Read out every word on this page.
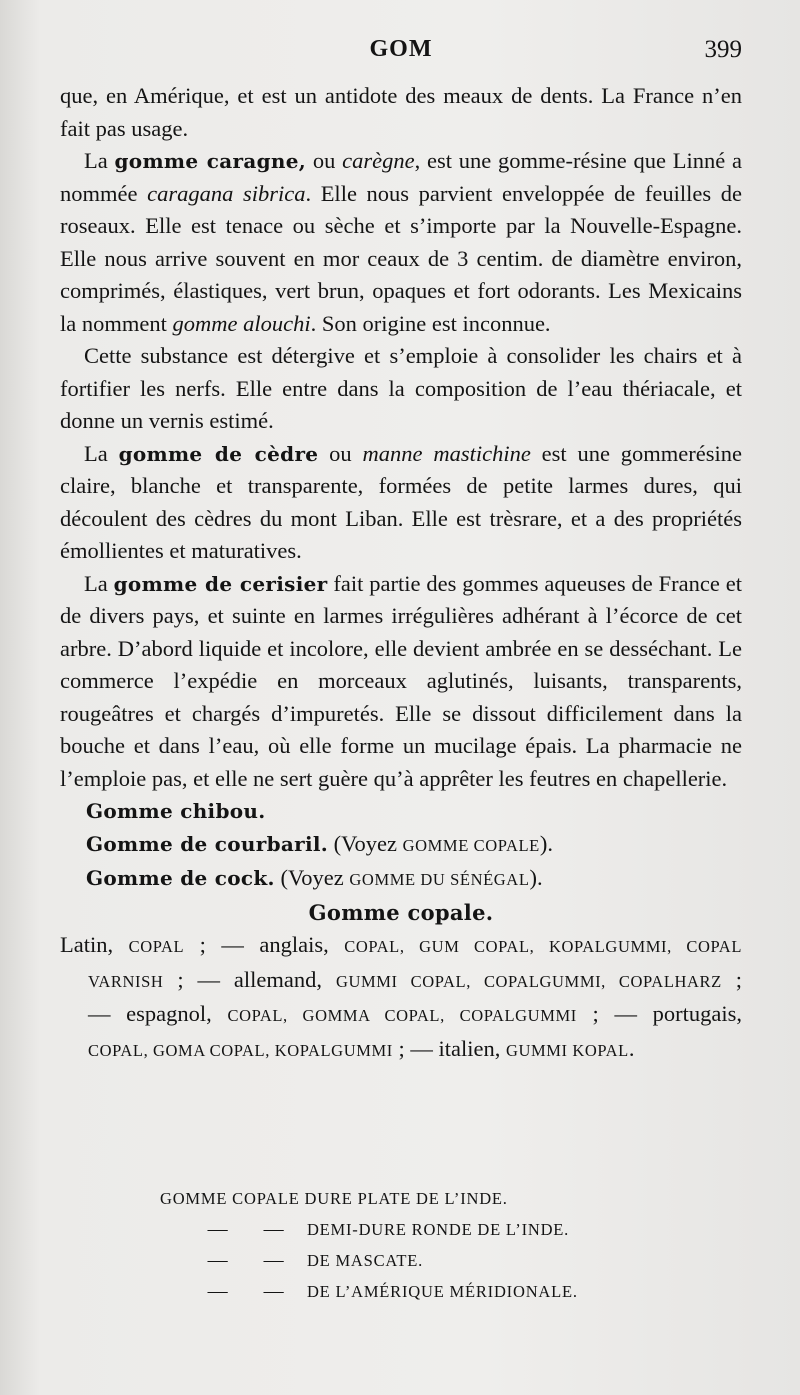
GOM	399

que, en Amérique, et est un antidote des meaux de dents. La France n’en fait pas usage.

La gomme caragne, ou carègne, est une gomme-résine que Linné a nommée caragana sibrica. Elle nous parvient enveloppée de feuilles de roseaux. Elle est tenace ou sèche et s’importe par la Nouvelle-Espagne. Elle nous arrive souvent en mor ceaux de 3 centim. de diamètre environ, comprimés, élastiques, vert brun, opaques et fort odorants. Les Mexicains la nomment gomme alouchi. Son origine est inconnue.

Cette substance est détergive et s’emploie à consolider les chairs et à fortifier les nerfs. Elle entre dans la composition de l’eau thériacale, et donne un vernis estimé.

La gomme de cèdre ou manne mastichine est une gommerésine claire, blanche et transparente, formées de petite larmes dures, qui découlent des cèdres du mont Liban. Elle est trèsrare, et a des propriétés émollientes et maturatives.

La gomme de cerisier fait partie des gommes aqueuses de France et de divers pays, et suinte en larmes irrégulières adhérant à l’écorce de cet arbre. D’abord liquide et incolore, elle devient ambrée en se desséchant. Le commerce l’expédie en morceaux aglutinés, luisants, transparents, rougeâtres et chargés d’impuretés. Elle se dissout difficilement dans la bouche et dans l’eau, où elle forme un mucilage épais. La pharmacie ne l’emploie pas, et elle ne sert guère qu’à apprêter les feutres en chapellerie.

Gomme chibou.

Gomme de courbaril. (Voyez GOMME COPALE).

Gomme de cock. (Voyez GOMME DU SÉNÉGAL).

Gomme copale.

Latin, COPAL ; — anglais, COPAL, GUM COPAL, KOPALGUMMI, COPAL

VARNISH ; — allemand, GUMMI COPAL, COPALGUMMI, COPALHARZ ;

— espagnol, COPAL, GOMMA COPAL, COPALGUMMI ; — portugais,

COPAL, GOMA COPAL, KOPALGUMMI ; — italien, GUMMI KOPAL.

GOMME COPALE DURE PLATE DE L’INDE.
— — DEMI-DURE RONDE DE L’INDE.
— — DE MASCATE.
— — DE L’AMÉRIQUE MÉRIDIONALE.
